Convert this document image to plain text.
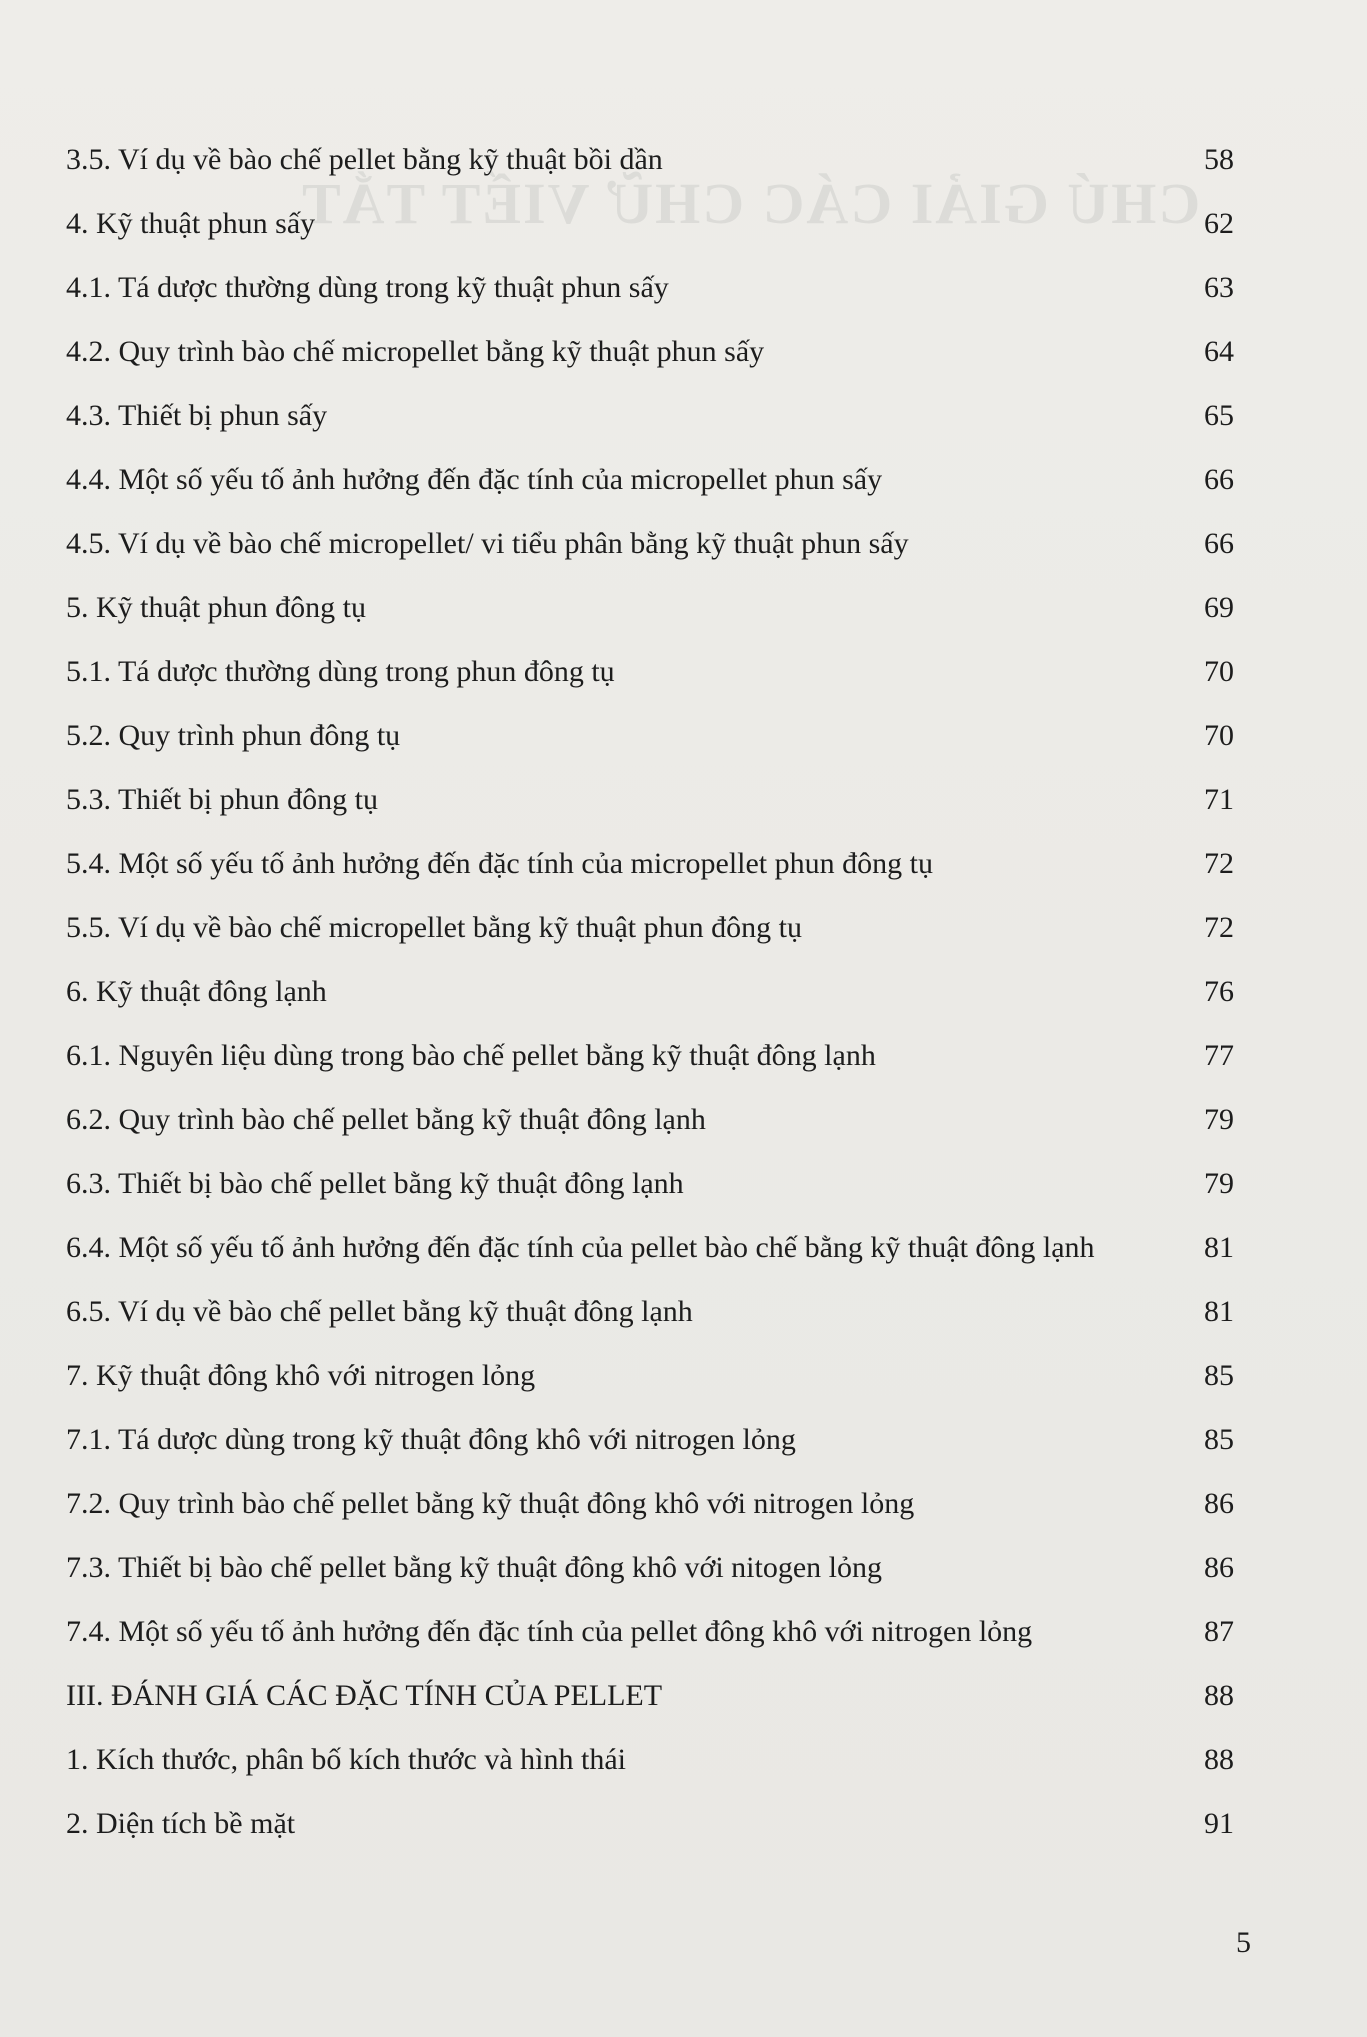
CHÚ GIẢI CÁC CHỮ VIẾT TẮT
3.5. Ví dụ về bào chế pellet bằng kỹ thuật bồi dần	58
4. Kỹ thuật phun sấy	62
4.1. Tá dược thường dùng trong kỹ thuật phun sấy	63
4.2. Quy trình bào chế micropellet bằng kỹ thuật phun sấy	64
4.3. Thiết bị phun sấy	65
4.4. Một số yếu tố ảnh hưởng đến đặc tính của micropellet phun sấy	66
4.5. Ví dụ về bào chế micropellet/ vi tiểu phân bằng kỹ thuật phun sấy	66
5. Kỹ thuật phun đông tụ	69
5.1. Tá dược thường dùng trong phun đông tụ	70
5.2. Quy trình phun đông tụ	70
5.3. Thiết bị phun đông tụ	71
5.4. Một số yếu tố ảnh hưởng đến đặc tính của micropellet phun đông tụ	72
5.5. Ví dụ về bào chế micropellet bằng kỹ thuật phun đông tụ	72
6. Kỹ thuật đông lạnh	76
6.1. Nguyên liệu dùng trong bào chế pellet bằng kỹ thuật đông lạnh	77
6.2. Quy trình bào chế pellet bằng kỹ thuật đông lạnh	79
6.3. Thiết bị bào chế pellet bằng kỹ thuật đông lạnh	79
6.4. Một số yếu tố ảnh hưởng đến đặc tính của pellet bào chế bằng kỹ thuật đông lạnh	81
6.5. Ví dụ về bào chế pellet bằng kỹ thuật đông lạnh	81
7. Kỹ thuật đông khô với nitrogen lỏng	85
7.1. Tá dược dùng trong kỹ thuật đông khô với nitrogen lỏng	85
7.2. Quy trình bào chế pellet bằng kỹ thuật đông khô với nitrogen lỏng	86
7.3. Thiết bị bào chế pellet bằng kỹ thuật đông khô với nitogen lỏng	86
7.4. Một số yếu tố ảnh hưởng đến đặc tính của pellet đông khô với nitrogen lỏng	87
III. ĐÁNH GIÁ CÁC ĐẶC TÍNH CỦA PELLET	88
1. Kích thước, phân bố kích thước và hình thái	88
2. Diện tích bề mặt	91
5
